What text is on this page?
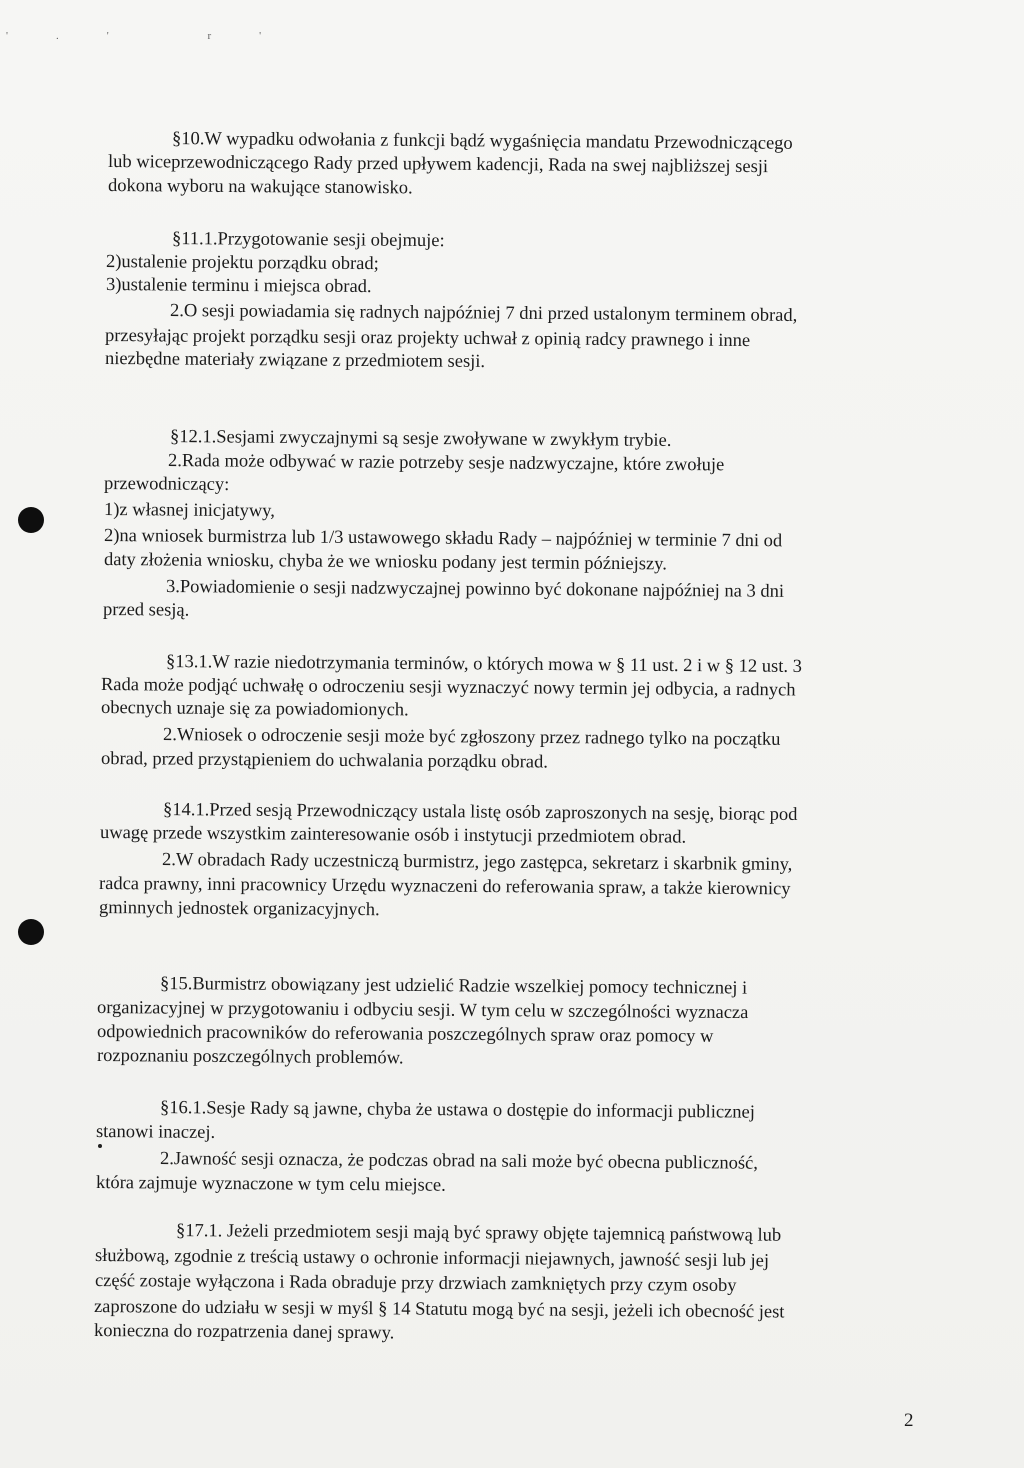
'.' r'
§10.W wypadku odwołania z funkcji bądź wygaśnięcia mandatu Przewodniczącego
lub wiceprzewodniczącego Rady przed upływem kadencji, Rada na swej najbliższej sesji
dokona wyboru na wakujące stanowisko.
§11.1.Przygotowanie sesji obejmuje:
2)ustalenie projektu porządku obrad;
3)ustalenie terminu i miejsca obrad.
2.O sesji powiadamia się radnych najpóźniej 7 dni przed ustalonym terminem obrad,
przesyłając projekt porządku sesji oraz projekty uchwał z opinią radcy prawnego i inne
niezbędne materiały związane z przedmiotem sesji.
§12.1.Sesjami zwyczajnymi są sesje zwoływane w zwykłym trybie.
2.Rada może odbywać w razie potrzeby sesje nadzwyczajne, które zwołuje
przewodniczący:
1)z własnej inicjatywy,
2)na wniosek burmistrza lub 1/3 ustawowego składu Rady – najpóźniej w terminie 7 dni od
daty złożenia wniosku, chyba że we wniosku podany jest termin późniejszy.
3.Powiadomienie o sesji nadzwyczajnej powinno być dokonane najpóźniej na 3 dni
przed sesją.
§13.1.W razie niedotrzymania terminów, o których mowa w § 11 ust. 2 i w § 12 ust. 3
Rada może podjąć uchwałę o odroczeniu sesji wyznaczyć nowy termin jej odbycia, a radnych
obecnych uznaje się za powiadomionych.
2.Wniosek o odroczenie sesji może być zgłoszony przez radnego tylko na początku
obrad, przed przystąpieniem do uchwalania porządku obrad.
§14.1.Przed sesją Przewodniczący ustala listę osób zaproszonych na sesję, biorąc pod
uwagę przede wszystkim zainteresowanie osób i instytucji przedmiotem obrad.
2.W obradach Rady uczestniczą burmistrz, jego zastępca, sekretarz i skarbnik gminy,
radca prawny, inni pracownicy Urzędu wyznaczeni do referowania spraw, a także kierownicy
gminnych jednostek organizacyjnych.
§15.Burmistrz obowiązany jest udzielić Radzie wszelkiej pomocy technicznej i
organizacyjnej w przygotowaniu i odbyciu sesji. W tym celu w szczególności wyznacza
odpowiednich pracowników do referowania poszczególnych spraw oraz pomocy w
rozpoznaniu poszczególnych problemów.
§16.1.Sesje Rady są jawne, chyba że ustawa o dostępie do informacji publicznej
stanowi inaczej.
2.Jawność sesji oznacza, że podczas obrad na sali może być obecna publiczność,
która zajmuje wyznaczone w tym celu miejsce.
§17.1. Jeżeli przedmiotem sesji mają być sprawy objęte tajemnicą państwową lub
służbową, zgodnie z treścią ustawy o ochronie informacji niejawnych, jawność sesji lub jej
część zostaje wyłączona i Rada obraduje przy drzwiach zamkniętych przy czym osoby
zaproszone do udziału w sesji w myśl § 14 Statutu mogą być na sesji, jeżeli ich obecność jest
konieczna do rozpatrzenia danej sprawy.
2
